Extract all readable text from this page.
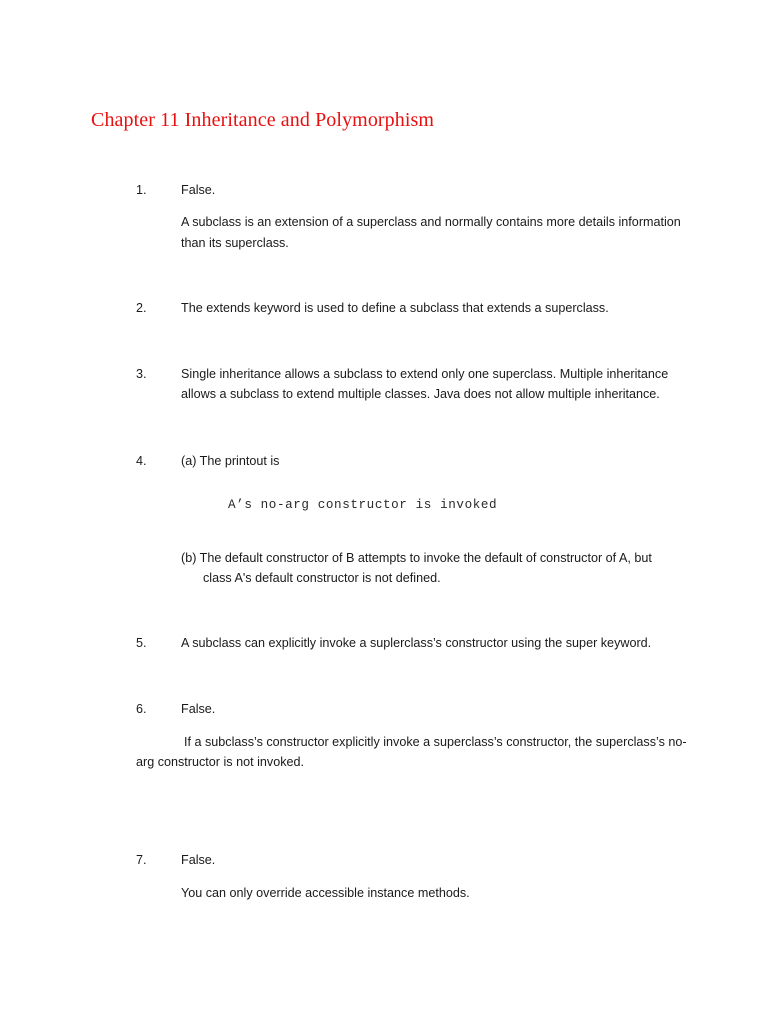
Chapter 11 Inheritance and Polymorphism

1.	False.

A subclass is an extension of a superclass and normally contains more details information

than its superclass.

2.	The extends keyword is used to define a subclass that extends a superclass.

3.	Single inheritance allows a subclass to extend only one superclass. Multiple inheritance

allows a subclass to extend multiple classes. Java does not allow multiple inheritance.

4.	(a) The printout is

A’s no-arg constructor is invoked

(b) The default constructor of B attempts to invoke the default of constructor of A, but

class A's default constructor is not defined.

5.	A subclass can explicitly invoke a suplerclass’s constructor using the super keyword.

6.	False.

If a subclass’s constructor explicitly invoke a superclass’s constructor, the superclass’s no-

arg constructor is not invoked.

7.	False.

You can only override accessible instance methods.
